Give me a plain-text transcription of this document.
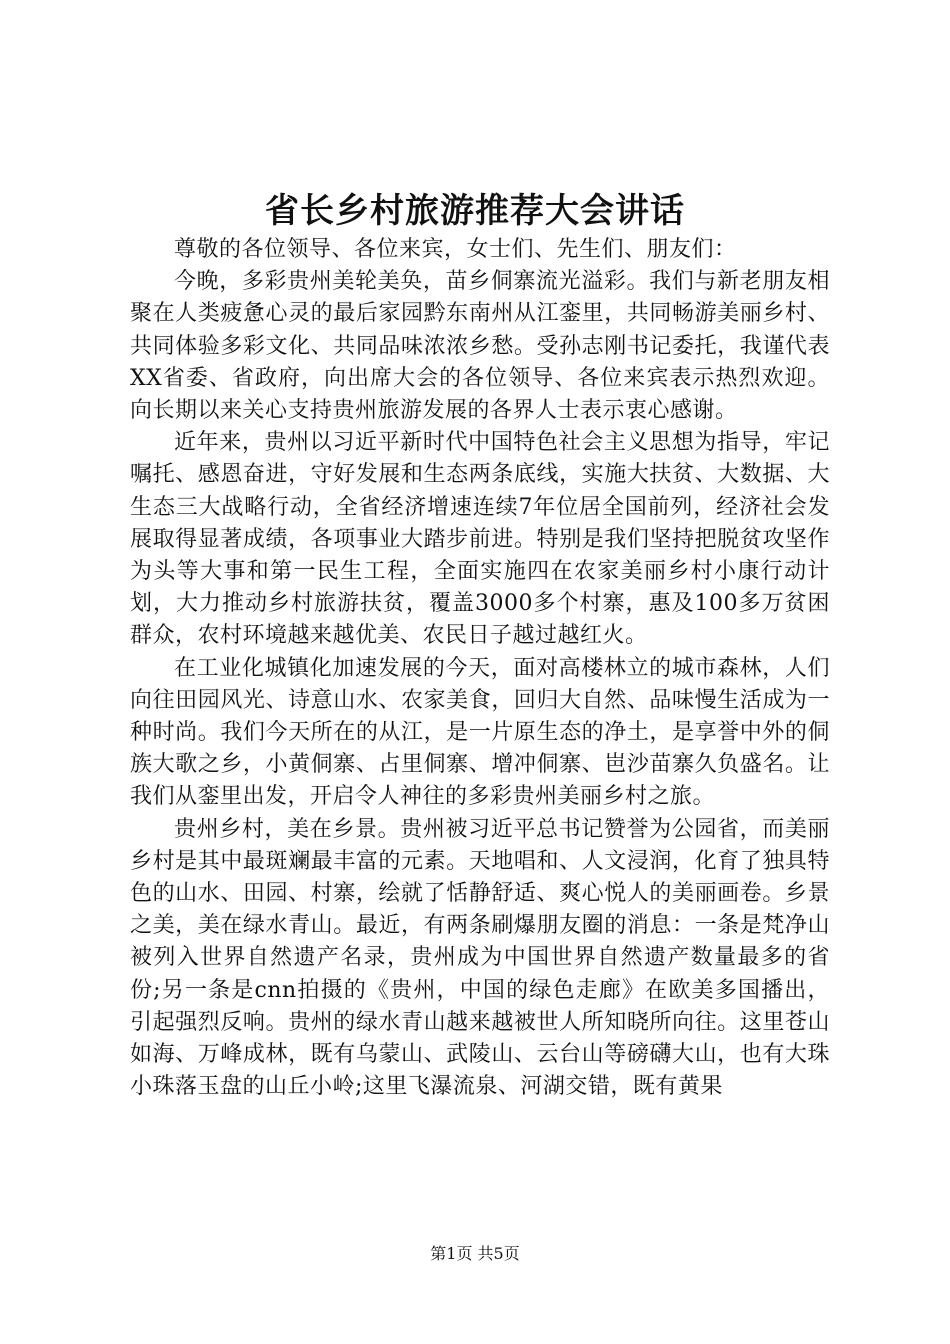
省长乡村旅游推荐大会讲话

尊敬的各位领导、各位来宾，女士们、先生们、朋友们：

今晚，多彩贵州美轮美奂，苗乡侗寨流光溢彩。我们与新老朋友相聚在人类疲惫心灵的最后家园黔东南州从江銮里，共同畅游美丽乡村、共同体验多彩文化、共同品味浓浓乡愁。受孙志刚书记委托，我谨代表XX省委、省政府，向出席大会的各位领导、各位来宾表示热烈欢迎。向长期以来关心支持贵州旅游发展的各界人士表示衷心感谢。

近年来，贵州以习近平新时代中国特色社会主义思想为指导，牢记嘱托、感恩奋进，守好发展和生态两条底线，实施大扶贫、大数据、大生态三大战略行动，全省经济增速连续7年位居全国前列，经济社会发展取得显著成绩，各项事业大踏步前进。特别是我们坚持把脱贫攻坚作为头等大事和第一民生工程，全面实施四在农家美丽乡村小康行动计划，大力推动乡村旅游扶贫，覆盖3000多个村寨，惠及100多万贫困群众，农村环境越来越优美、农民日子越过越红火。

在工业化城镇化加速发展的今天，面对高楼林立的城市森林，人们向往田园风光、诗意山水、农家美食，回归大自然、品味慢生活成为一种时尚。我们今天所在的从江，是一片原生态的净土，是享誉中外的侗族大歌之乡，小黄侗寨、占里侗寨、增冲侗寨、岜沙苗寨久负盛名。让我们从銮里出发，开启令人神往的多彩贵州美丽乡村之旅。

贵州乡村，美在乡景。贵州被习近平总书记赞誉为公园省，而美丽乡村是其中最斑斓最丰富的元素。天地唱和、人文浸润，化育了独具特色的山水、田园、村寨，绘就了恬静舒适、爽心悦人的美丽画卷。乡景之美，美在绿水青山。最近，有两条刷爆朋友圈的消息：一条是梵净山被列入世界自然遗产名录，贵州成为中国世界自然遗产数量最多的省份;另一条是cnn拍摄的《贵州，中国的绿色走廊》在欧美多国播出，引起强烈反响。贵州的绿水青山越来越被世人所知晓所向往。这里苍山如海、万峰成林，既有乌蒙山、武陵山、云台山等磅礴大山，也有大珠小珠落玉盘的山丘小岭;这里飞瀑流泉、河湖交错，既有黄果

第1页 共5页
